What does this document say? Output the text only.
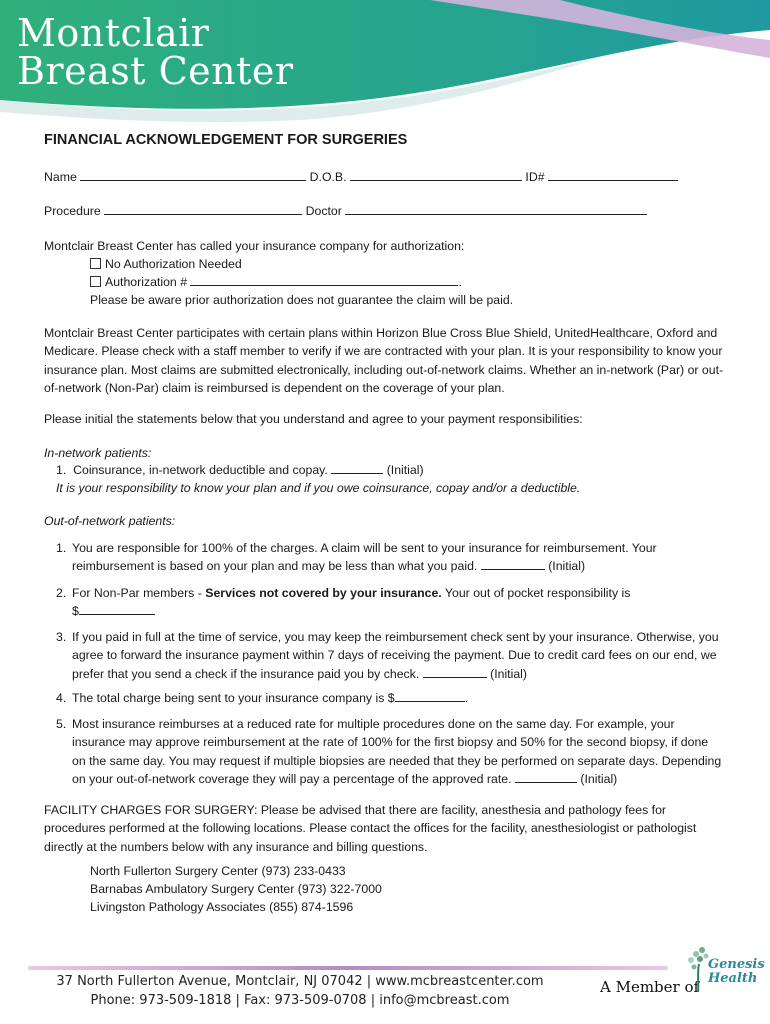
Montclair
Breast Center
FINANCIAL ACKNOWLEDGEMENT FOR SURGERIES
Name	D.O.B.	ID#
Procedure	Doctor
Montclair Breast Center has called your insurance company for authorization:
No Authorization Needed
Authorization #	.
Please be aware prior authorization does not guarantee the claim will be paid.
Montclair Breast Center participates with certain plans within Horizon Blue Cross Blue Shield, UnitedHealthcare, Oxford and Medicare. Please check with a staff member to verify if we are contracted with your plan. It is your responsibility to know your insurance plan. Most claims are submitted electronically, including out-of-network claims. Whether an in-network (Par) or out-of-network (Non-Par) claim is reimbursed is dependent on the coverage of your plan.
Please initial the statements below that you understand and agree to your payment responsibilities:
In-network patients:
1.  Coinsurance, in-network deductible and copay.	(Initial)
It is your responsibility to know your plan and if you owe coinsurance, copay and/or a deductible.
Out-of-network patients:
1. You are responsible for 100% of the charges. A claim will be sent to your insurance for reimbursement. Your reimbursement is based on your plan and may be less than what you paid.	(Initial)
2. For Non-Par members - Services not covered by your insurance. Your out of pocket responsibility is
$
3. If you paid in full at the time of service, you may keep the reimbursement check sent by your insurance. Otherwise, you agree to forward the insurance payment within 7 days of receiving the payment. Due to credit card fees on our end, we prefer that you send a check if the insurance paid you by check.	(Initial)
4. The total charge being sent to your insurance company is $	.
5. Most insurance reimburses at a reduced rate for multiple procedures done on the same day. For example, your insurance may approve reimbursement at the rate of 100% for the first biopsy and 50% for the second biopsy, if done on the same day. You may request if multiple biopsies are needed that they be performed on separate days. Depending on your out-of-network coverage they will pay a percentage of the approved rate.	(Initial)
FACILITY CHARGES FOR SURGERY: Please be advised that there are facility, anesthesia and pathology fees for procedures performed at the following locations. Please contact the offices for the facility, anesthesiologist or pathologist directly at the numbers below with any insurance and billing questions.
North Fullerton Surgery Center (973) 233-0433
Barnabas Ambulatory Surgery Center (973) 322-7000
Livingston Pathology Associates (855) 874-1596
37 North Fullerton Avenue, Montclair, NJ 07042 | www.mcbreastcenter.com
Phone: 973-509-1818 | Fax: 973-509-0708 | info@mcbreast.com
A Member of
Genesis
Health
